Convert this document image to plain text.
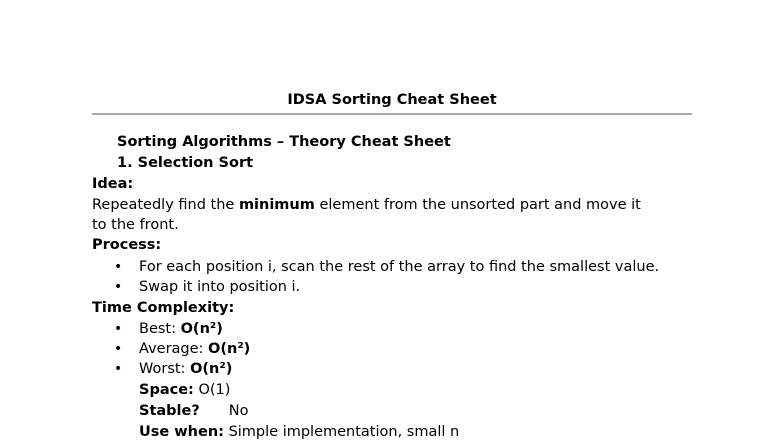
IDSA Sorting Cheat Sheet
Sorting Algorithms – Theory Cheat Sheet
1. Selection Sort
Idea:
Repeatedly find the minimum element from the unsorted part and move it
to the front.
Process:
• For each position i, scan the rest of the array to find the smallest value.
• Swap it into position i.
Time Complexity:
• Best: O(n²)
• Average: O(n²)
• Worst: O(n²)
Space: O(1)
Stable? No
Use when: Simple implementation, small n
